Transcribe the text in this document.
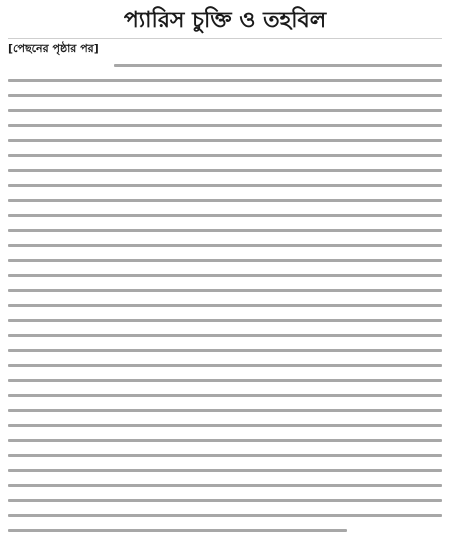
প্যারিস চুক্তি ও তহবিল
[পেছনের পৃষ্ঠার পর]
